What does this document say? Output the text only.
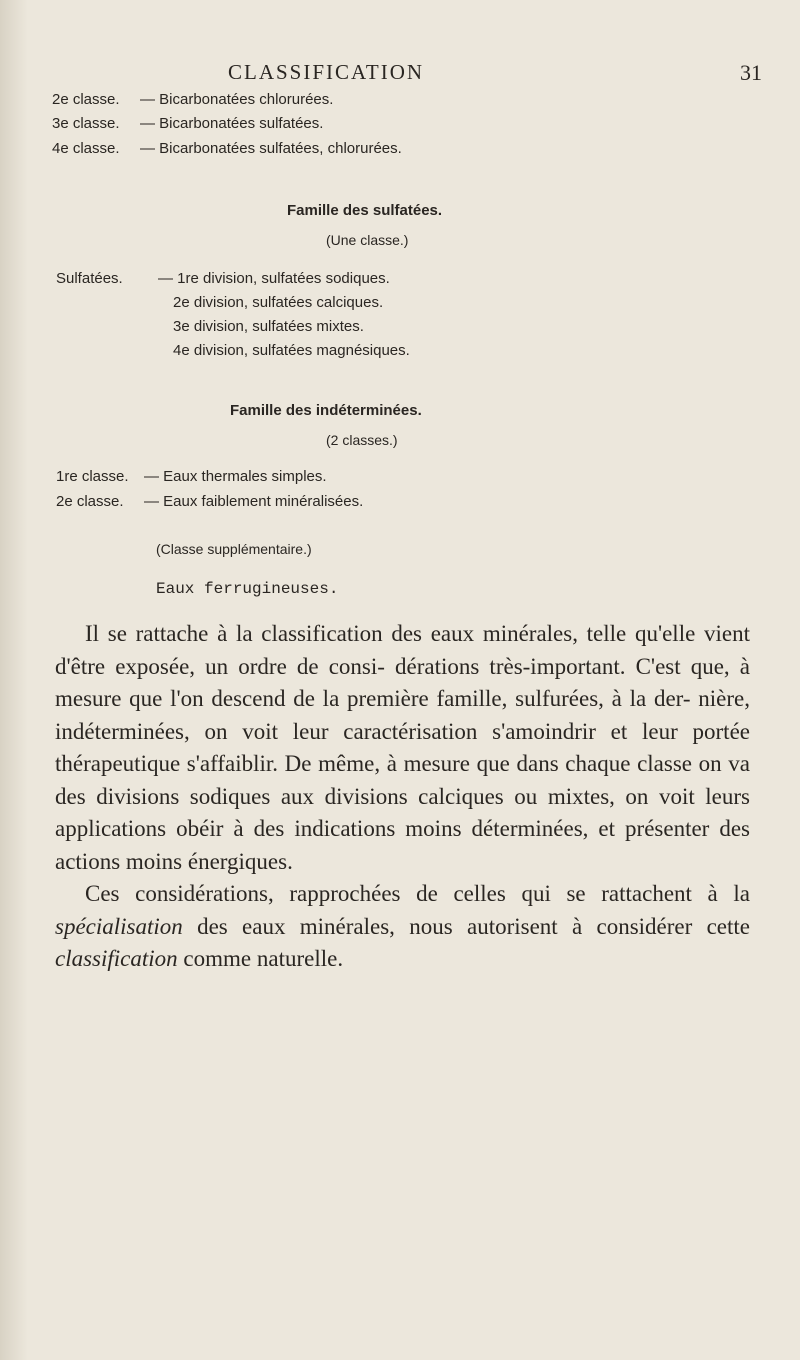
CLASSIFICATION	31
2e classe.	— Bicarbonatées chlorurées.
3e classe.	— Bicarbonatées sulfatées.
4e classe.	— Bicarbonatées sulfatées, chlorurées.
Famille des sulfatées.
(Une classe.)
Sulfatées. — 1re division, sulfatées sodiques.
2e division, sulfatées calciques.
3e division, sulfatées mixtes.
4e division, sulfatées magnésiques.
Famille des indéterminées.
(2 classes.)
1re classe.	— Eaux thermales simples.
2e classe.	— Eaux faiblement minéralisées.
(Classe supplémentaire.)
Eaux ferrugineuses.

Il se rattache à la classification des eaux minérales, telle qu'elle vient d'être exposée, un ordre de consi- dérations très-important. C'est que, à mesure que l'on descend de la première famille, sulfurées, à la der- nière, indéterminées, on voit leur caractérisation s'amoindrir et leur portée thérapeutique s'affaiblir. De même, à mesure que dans chaque classe on va des divisions sodiques aux divisions calciques ou mixtes, on voit leurs applications obéir à des indications moins déterminées, et présenter des actions moins énergiques.

Ces considérations, rapprochées de celles qui se rattachent à la spécialisation des eaux minérales, nous autorisent à considérer cette classification comme naturelle.
